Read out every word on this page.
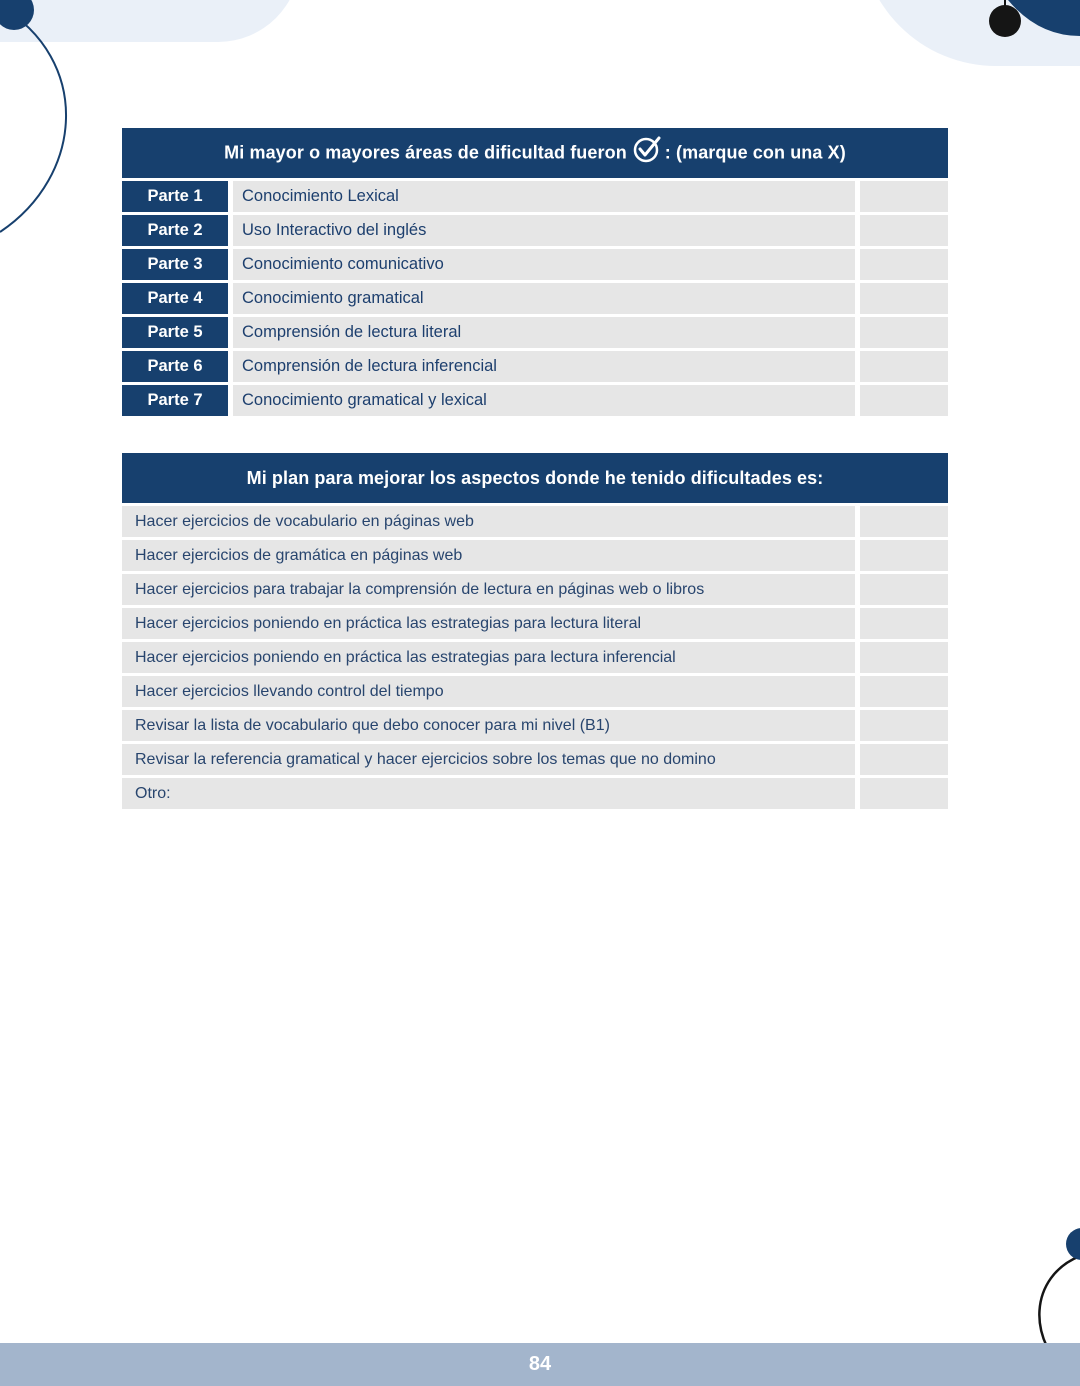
Mi mayor o mayores áreas de dificultad fueron : (marque con una X)		
Parte 1	Conocimiento Lexical	
Parte 2	Uso Interactivo del inglés	
Parte 3	Conocimiento comunicativo	
Parte 4	Conocimiento gramatical	
Parte 5	Comprensión de lectura literal	
Parte 6	Comprensión de lectura inferencial	
Parte 7	Conocimiento gramatical y lexical	
Mi plan para mejorar los aspectos donde he tenido dificultades es:	
Hacer ejercicios de vocabulario en páginas web	
Hacer ejercicios de gramática en páginas web	
Hacer ejercicios para trabajar la comprensión de lectura en páginas web o libros	
Hacer ejercicios poniendo en práctica las estrategias para lectura literal	
Hacer ejercicios poniendo en práctica las estrategias para lectura inferencial	
Hacer ejercicios llevando control del tiempo	
Revisar la lista de vocabulario que debo conocer para mi nivel (B1)	
Revisar la referencia gramatical y hacer ejercicios sobre los temas que no domino	
Otro:	
84
